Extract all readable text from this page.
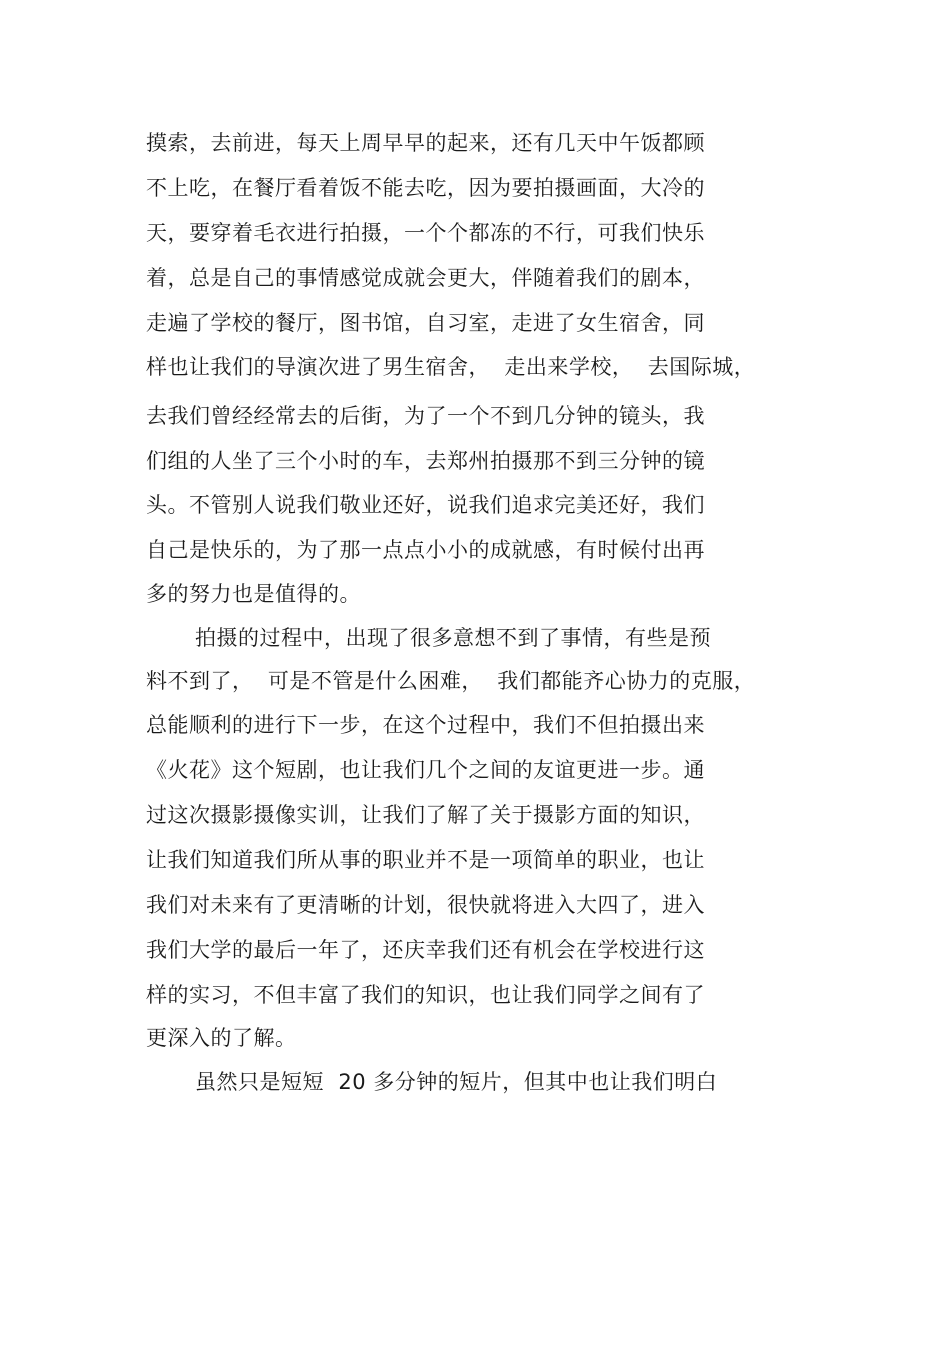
摸索，去前进，每天上周早早的起来，还有几天中午饭都顾
不上吃，在餐厅看着饭不能去吃，因为要拍摄画面，大冷的
天，要穿着毛衣进行拍摄，一个个都冻的不行，可我们快乐
着，总是自己的事情感觉成就会更大，伴随着我们的剧本，
走遍了学校的餐厅，图书馆，自习室，走进了女生宿舍，同
样也让我们的导演次进了男生宿舍，  走出来学校，  去国际城，
去我们曾经经常去的后街，为了一个不到几分钟的镜头，我
们组的人坐了三个小时的车，去郑州拍摄那不到三分钟的镜
头。不管别人说我们敬业还好，说我们追求完美还好，我们
自己是快乐的，为了那一点点小小的成就感，有时候付出再
多的努力也是值得的。
拍摄的过程中，出现了很多意想不到了事情，有些是预
料不到了，  可是不管是什么困难，  我们都能齐心协力的克服，
总能顺利的进行下一步，在这个过程中，我们不但拍摄出来
《火花》这个短剧，也让我们几个之间的友谊更进一步。通
过这次摄影摄像实训，让我们了解了关于摄影方面的知识，
让我们知道我们所从事的职业并不是一项简单的职业，也让
我们对未来有了更清晰的计划，很快就将进入大四了，进入
我们大学的最后一年了，还庆幸我们还有机会在学校进行这
样的实习，不但丰富了我们的知识，也让我们同学之间有了
更深入的了解。
虽然只是短短  20 多分钟的短片，但其中也让我们明白
